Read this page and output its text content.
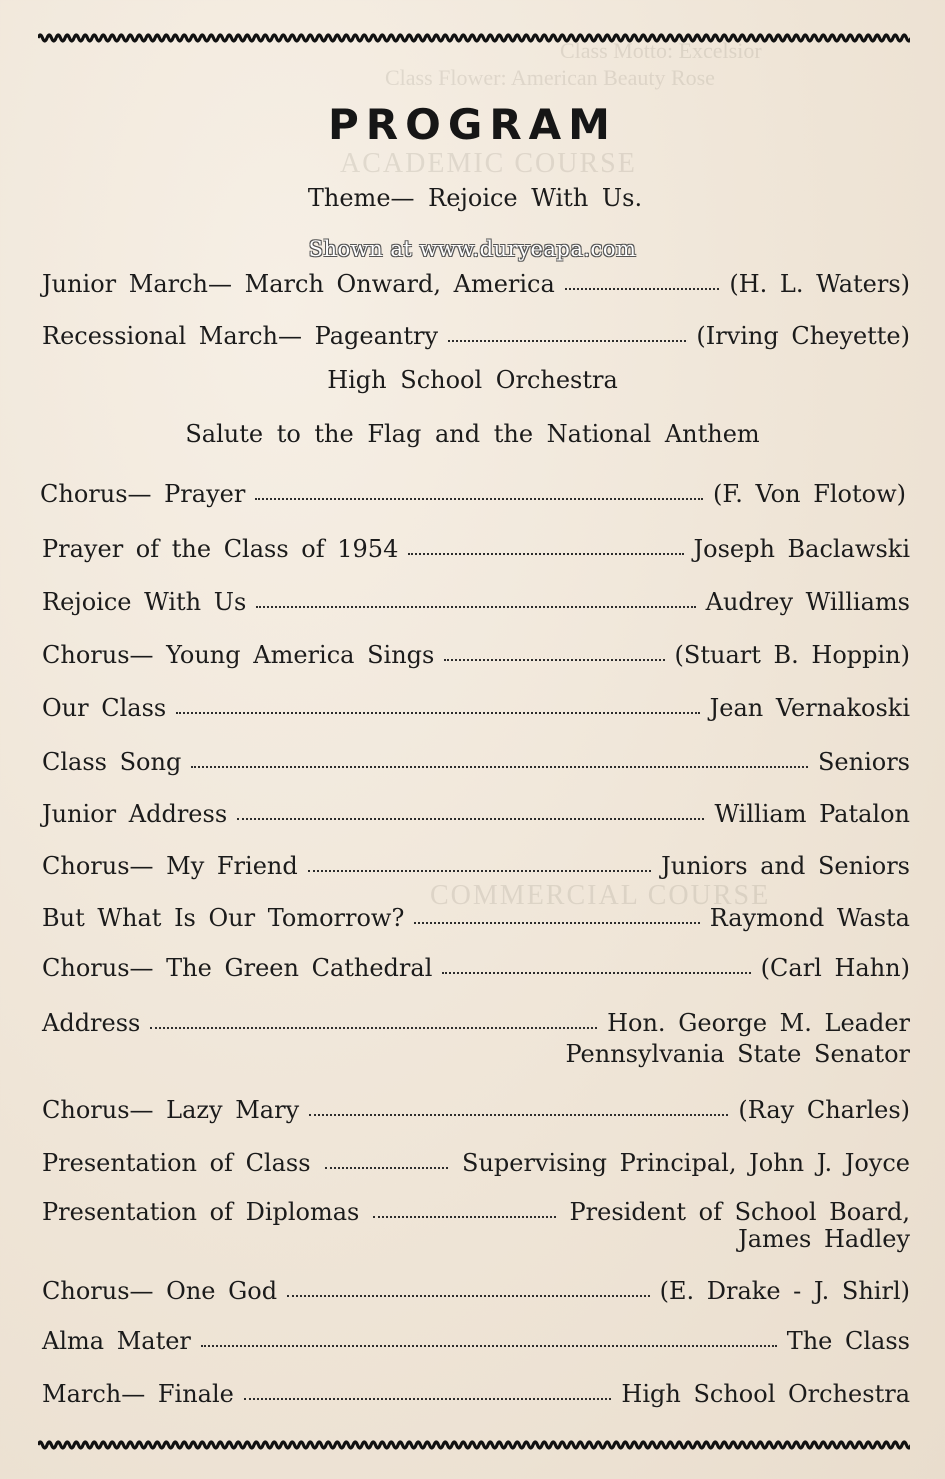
Class Motto: Excelsior
Class Flower: American Beauty Rose
ACADEMIC COURSE
COMMERCIAL COURSE
PROGRAM
Theme— Rejoice With Us.
Shown at www.duryeapa.com
Junior March— March Onward, America	(H. L. Waters)
Recessional March— Pageantry	(Irving Cheyette)
High School Orchestra
Salute to the Flag and the National Anthem
Chorus— Prayer	(F. Von Flotow)
Prayer of the Class of 1954	Joseph Baclawski
Rejoice With Us	Audrey Williams
Chorus— Young America Sings	(Stuart B. Hoppin)
Our Class	Jean Vernakoski
Class Song	Seniors
Junior Address	William Patalon
Chorus— My Friend	Juniors and Seniors
But What Is Our Tomorrow?	Raymond Wasta
Chorus— The Green Cathedral	(Carl Hahn)
Address	Hon. George M. Leader
Pennsylvania State Senator
Chorus— Lazy Mary	(Ray Charles)
Presentation of Class	Supervising Principal, John J. Joyce
Presentation of Diplomas	President of School Board,
James Hadley
Chorus— One God	(E. Drake - J. Shirl)
Alma Mater	The Class
March— Finale	High School Orchestra
